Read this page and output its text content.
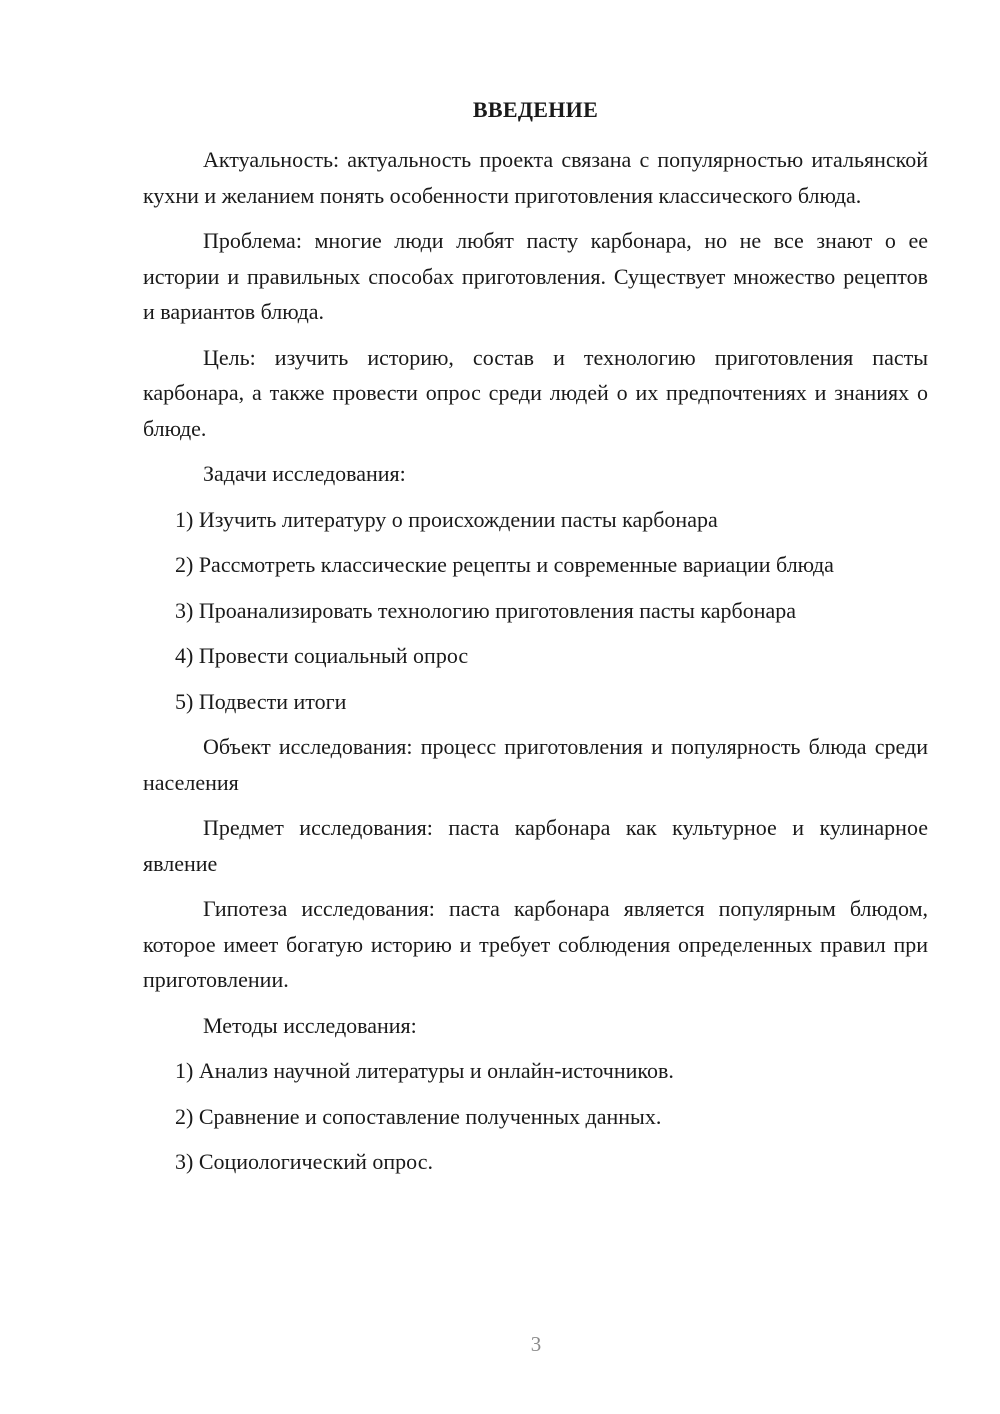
ВВЕДЕНИЕ

Актуальность: актуальность проекта связана с популярностью итальянской кухни и желанием понять особенности приготовления классического блюда.

Проблема: многие люди любят пасту карбонара, но не все знают о ее истории и правильных способах приготовления. Существует множество рецептов и вариантов блюда.

Цель: изучить историю, состав и технологию приготовления пасты карбонара, а также провести опрос среди людей о их предпочтениях и знаниях о блюде.

Задачи исследования:

1) Изучить литературу о происхождении пасты карбонара
2) Рассмотреть классические рецепты и современные вариации блюда
3) Проанализировать технологию приготовления пасты карбонара
4) Провести социальный опрос
5) Подвести итоги

Объект исследования: процесс приготовления и популярность блюда среди населения

Предмет исследования: паста карбонара как культурное и кулинарное явление

Гипотеза исследования: паста карбонара является популярным блюдом, которое имеет богатую историю и требует соблюдения определенных правил при приготовлении.

Методы исследования:

1) Анализ научной литературы и онлайн-источников.
2) Сравнение и сопоставление полученных данных.
3) Социологический опрос.
3
